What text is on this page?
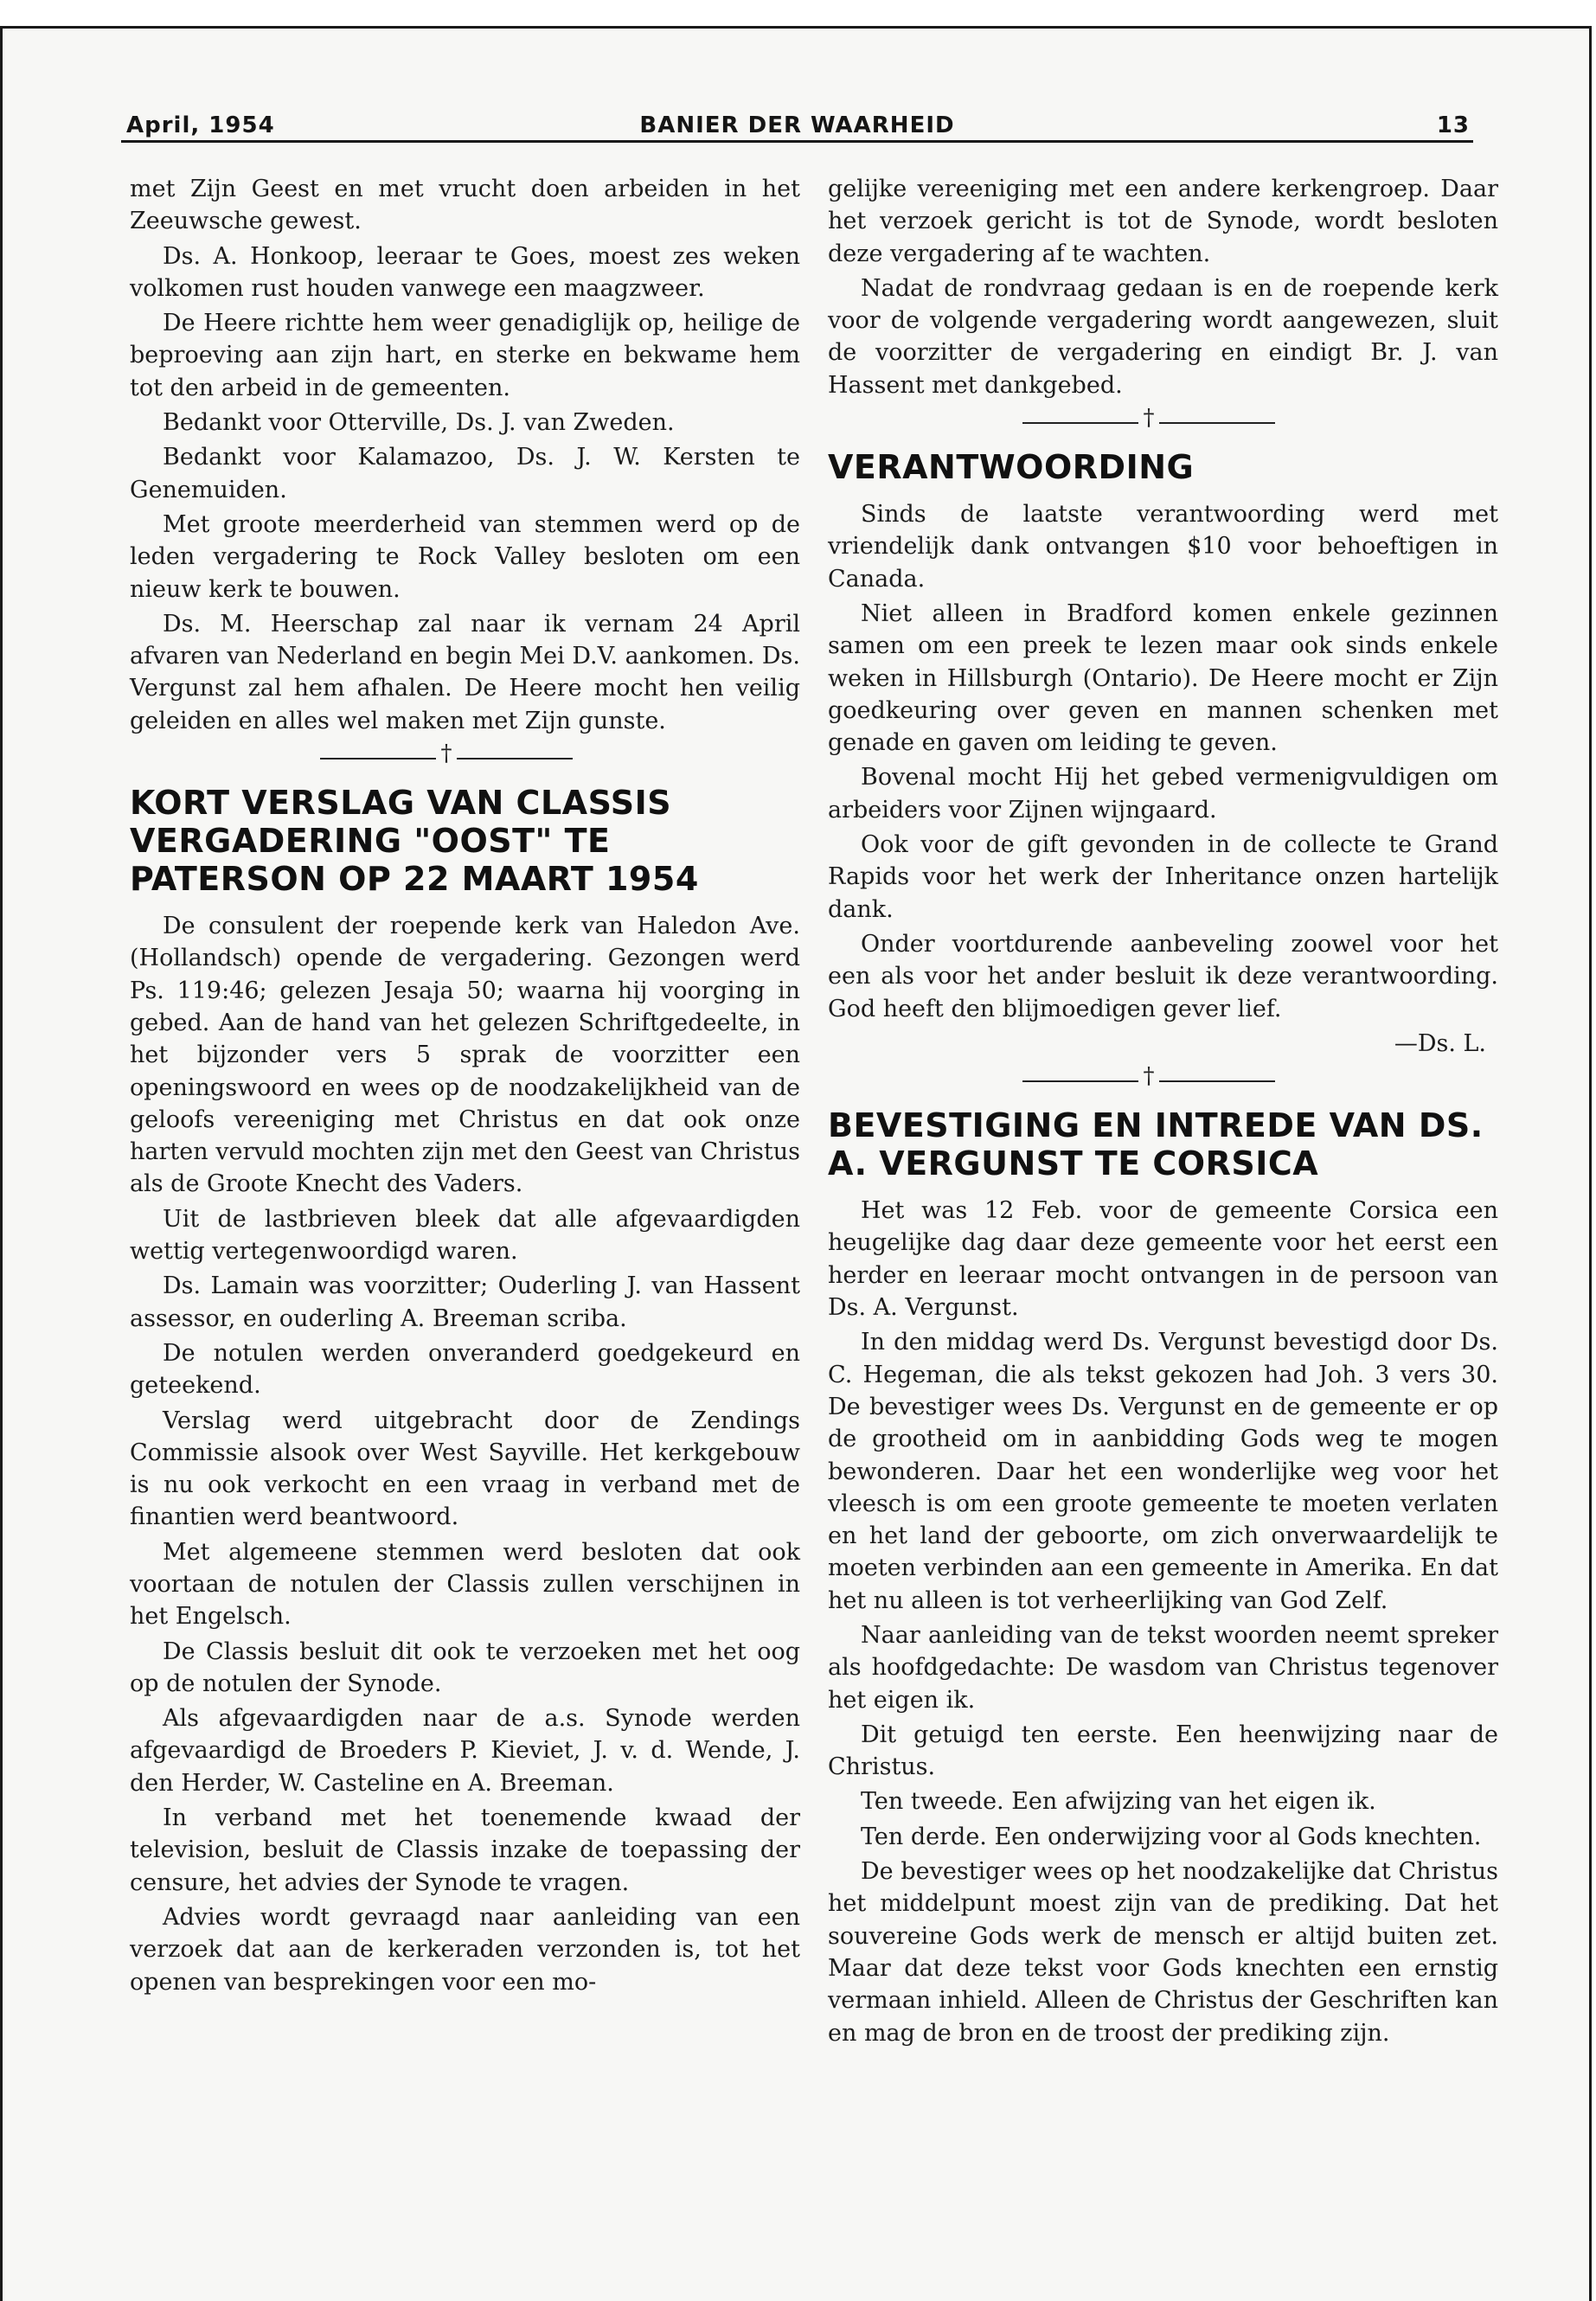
April, 1954	BANIER DER WAARHEID	13

met Zijn Geest en met vrucht doen arbeiden in het Zeeuwsche gewest.

Ds. A. Honkoop, leeraar te Goes, moest zes weken volkomen rust houden vanwege een maagzweer.

De Heere richtte hem weer genadiglijk op, heilige de beproeving aan zijn hart, en sterke en bekwame hem tot den arbeid in de gemeenten.

Bedankt voor Otterville, Ds. J. van Zweden.

Bedankt voor Kalamazoo, Ds. J. W. Kersten te Genemuiden.

Met groote meerderheid van stemmen werd op de leden vergadering te Rock Valley besloten om een nieuw kerk te bouwen.

Ds. M. Heerschap zal naar ik vernam 24 April afvaren van Nederland en begin Mei D.V. aankomen. Ds. Vergunst zal hem afhalen. De Heere mocht hen veilig geleiden en alles wel maken met Zijn gunste.

†
KORT VERSLAG VAN CLASSIS VERGADERING "OOST" TE PATERSON OP 22 MAART 1954

De consulent der roepende kerk van Haledon Ave. (Hollandsch) opende de vergadering. Gezongen werd Ps. 119:46; gelezen Jesaja 50; waarna hij voorging in gebed. Aan de hand van het gelezen Schriftgedeelte, in het bijzonder vers 5 sprak de voorzitter een openingswoord en wees op de noodzakelijkheid van de geloofs vereeniging met Christus en dat ook onze harten vervuld mochten zijn met den Geest van Christus als de Groote Knecht des Vaders.

Uit de lastbrieven bleek dat alle afgevaardigden wettig vertegenwoordigd waren.

Ds. Lamain was voorzitter; Ouderling J. van Hassent assessor, en ouderling A. Breeman scriba.

De notulen werden onveranderd goedgekeurd en geteekend.

Verslag werd uitgebracht door de Zendings Commissie alsook over West Sayville. Het kerkgebouw is nu ook verkocht en een vraag in verband met de finantien werd beantwoord.

Met algemeene stemmen werd besloten dat ook voortaan de notulen der Classis zullen verschijnen in het Engelsch.

De Classis besluit dit ook te verzoeken met het oog op de notulen der Synode.

Als afgevaardigden naar de a.s. Synode werden afgevaardigd de Broeders P. Kieviet, J. v. d. Wende, J. den Herder, W. Casteline en A. Breeman.

In verband met het toenemende kwaad der television, besluit de Classis inzake de toepassing der censure, het advies der Synode te vragen.

Advies wordt gevraagd naar aanleiding van een verzoek dat aan de kerkeraden verzonden is, tot het openen van besprekingen voor een mo-

gelijke vereeniging met een andere kerkengroep. Daar het verzoek gericht is tot de Synode, wordt besloten deze vergadering af te wachten.

Nadat de rondvraag gedaan is en de roepende kerk voor de volgende vergadering wordt aangewezen, sluit de voorzitter de vergadering en eindigt Br. J. van Hassent met dankgebed.

†
VERANTWOORDING

Sinds de laatste verantwoording werd met vriendelijk dank ontvangen $10 voor behoeftigen in Canada.

Niet alleen in Bradford komen enkele gezinnen samen om een preek te lezen maar ook sinds enkele weken in Hillsburgh (Ontario). De Heere mocht er Zijn goedkeuring over geven en mannen schenken met genade en gaven om leiding te geven.

Bovenal mocht Hij het gebed vermenigvuldigen om arbeiders voor Zijnen wijngaard.

Ook voor de gift gevonden in de collecte te Grand Rapids voor het werk der Inheritance onzen hartelijk dank.

Onder voortdurende aanbeveling zoowel voor het een als voor het ander besluit ik deze verantwoording. God heeft den blijmoedigen gever lief.

—Ds. L.

†
BEVESTIGING EN INTREDE VAN DS. A. VERGUNST TE CORSICA

Het was 12 Feb. voor de gemeente Corsica een heugelijke dag daar deze gemeente voor het eerst een herder en leeraar mocht ontvangen in de persoon van Ds. A. Vergunst.

In den middag werd Ds. Vergunst bevestigd door Ds. C. Hegeman, die als tekst gekozen had Joh. 3 vers 30. De bevestiger wees Ds. Vergunst en de gemeente er op de grootheid om in aanbidding Gods weg te mogen bewonderen. Daar het een wonderlijke weg voor het vleesch is om een groote gemeente te moeten verlaten en het land der geboorte, om zich onverwaardelijk te moeten verbinden aan een gemeente in Amerika. En dat het nu alleen is tot verheerlijking van God Zelf.

Naar aanleiding van de tekst woorden neemt spreker als hoofdgedachte: De wasdom van Christus tegenover het eigen ik.

Dit getuigd ten eerste. Een heenwijzing naar de Christus.

Ten tweede. Een afwijzing van het eigen ik.

Ten derde. Een onderwijzing voor al Gods knechten.

De bevestiger wees op het noodzakelijke dat Christus het middelpunt moest zijn van de prediking. Dat het souvereine Gods werk de mensch er altijd buiten zet. Maar dat deze tekst voor Gods knechten een ernstig vermaan inhield. Alleen de Christus der Geschriften kan en mag de bron en de troost der prediking zijn.
